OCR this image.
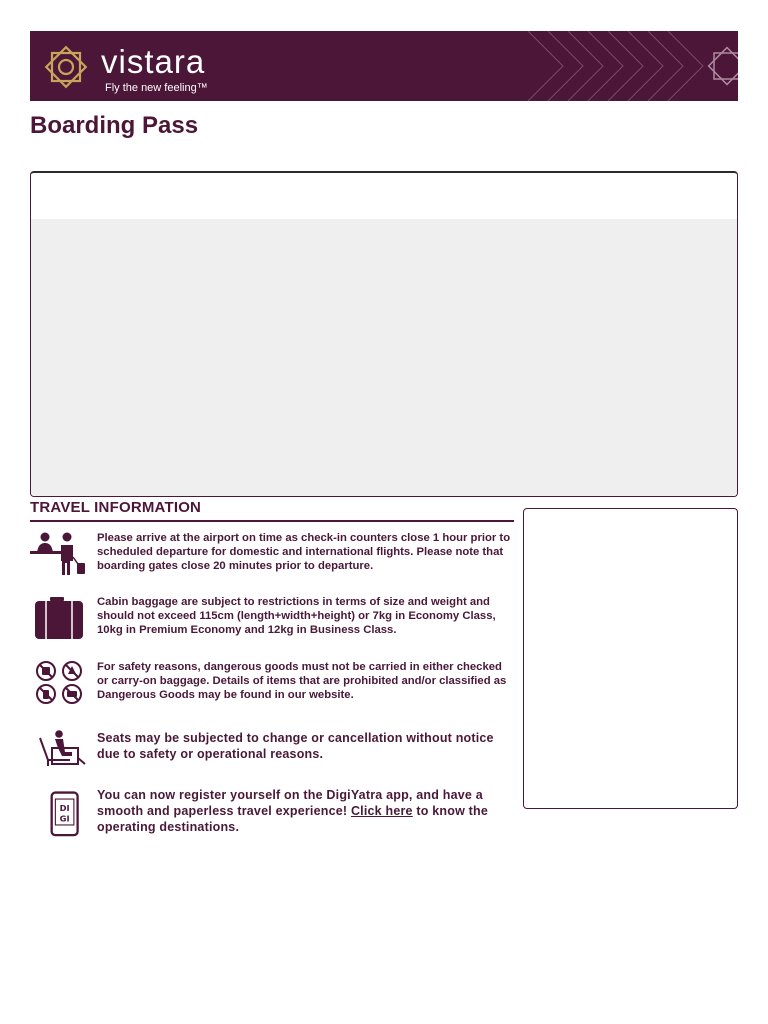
vistara
Fly the new feeling™
Boarding Pass
TRAVEL INFORMATION
Please arrive at the airport on time as check-in counters close 1 hour prior to scheduled departure for domestic and international flights. Please note that boarding gates close 20 minutes prior to departure.
Cabin baggage are subject to restrictions in terms of size and weight and should not exceed 115cm (length+width+height) or 7kg in Economy Class, 10kg in Premium Economy and 12kg in Business Class.
For safety reasons, dangerous goods must not be carried in either checked or carry-on baggage. Details of items that are prohibited and/or classified as Dangerous Goods may be found in our website.
Seats may be subjected to change or cancellation without notice due to safety or operational reasons.
DI
GI
You can now register yourself on the DigiYatra app, and have a smooth and paperless travel experience! Click here to know the operating destinations.
